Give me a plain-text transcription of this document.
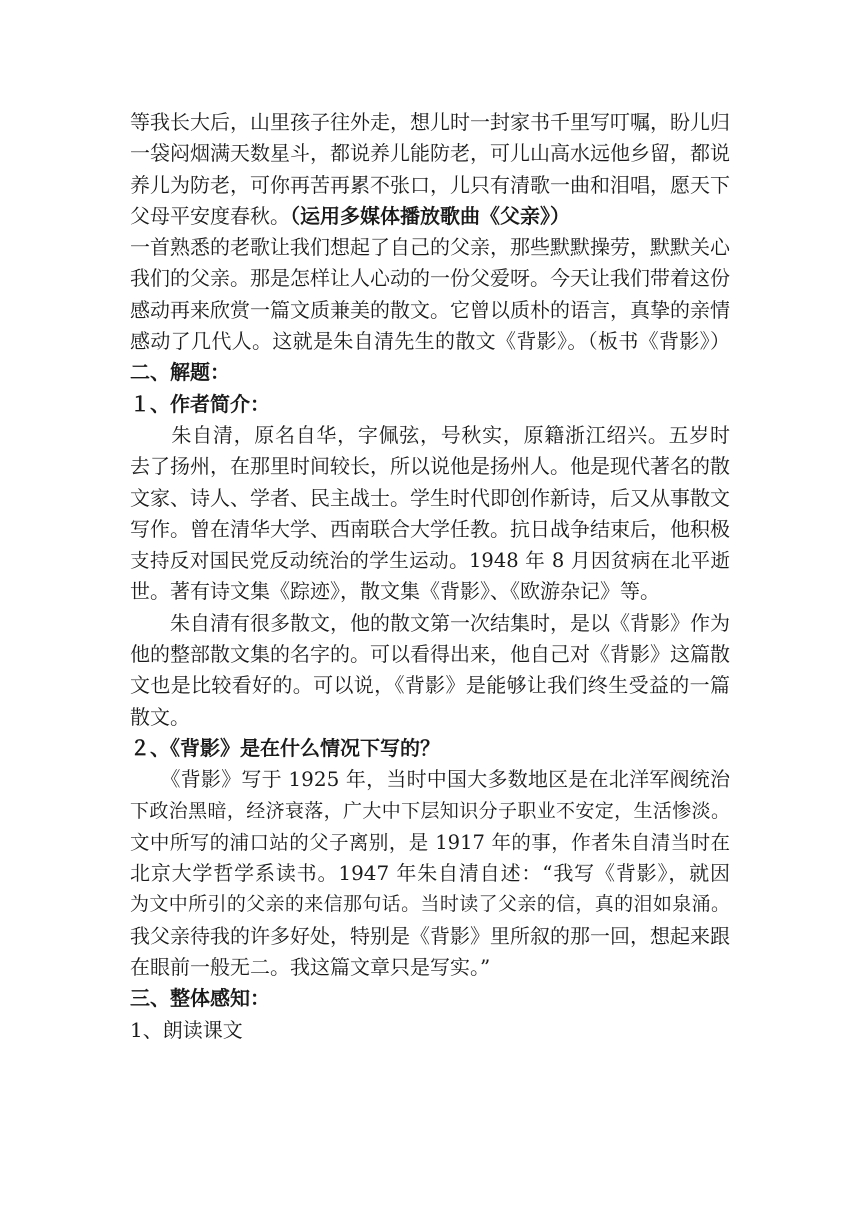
等我长大后，山里孩子往外走，想儿时一封家书千里写叮嘱，盼儿归
一袋闷烟满天数星斗，都说养儿能防老，可儿山高水远他乡留，都说
养儿为防老，可你再苦再累不张口，儿只有清歌一曲和泪唱，愿天下
父母平安度春秋。（运用多媒体播放歌曲《父亲》）
一首熟悉的老歌让我们想起了自己的父亲，那些默默操劳，默默关心
我们的父亲。那是怎样让人心动的一份父爱呀。今天让我们带着这份
感动再来欣赏一篇文质兼美的散文。它曾以质朴的语言，真挚的亲情
感动了几代人。这就是朱自清先生的散文《背影》。（板书《背影》）
二、解题：
１、作者简介：
　　朱自清，原名自华，字佩弦，号秋实，原籍浙江绍兴。五岁时
去了扬州，在那里时间较长，所以说他是扬州人。他是现代著名的散
文家、诗人、学者、民主战士。学生时代即创作新诗，后又从事散文
写作。曾在清华大学、西南联合大学任教。抗日战争结束后，他积极
支持反对国民党反动统治的学生运动。1948 年 8 月因贫病在北平逝
世。著有诗文集《踪迹》，散文集《背影》、《欧游杂记》等。
　　朱自清有很多散文，他的散文第一次结集时，是以《背影》作为
他的整部散文集的名字的。可以看得出来，他自己对《背影》这篇散
文也是比较看好的。可以说，《背影》是能够让我们终生受益的一篇
散文。
２、《背影》是在什么情况下写的？
　　《背影》写于 1925 年，当时中国大多数地区是在北洋军阀统治
下政治黑暗，经济衰落，广大中下层知识分子职业不安定，生活惨淡。
文中所写的浦口站的父子离别，是 1917 年的事，作者朱自清当时在
北京大学哲学系读书。1947 年朱自清自述：“我写《背影》，就因
为文中所引的父亲的来信那句话。当时读了父亲的信，真的泪如泉涌。
我父亲待我的许多好处，特别是《背影》里所叙的那一回，想起来跟
在眼前一般无二。我这篇文章只是写实。”
三、整体感知：
1、朗读课文
